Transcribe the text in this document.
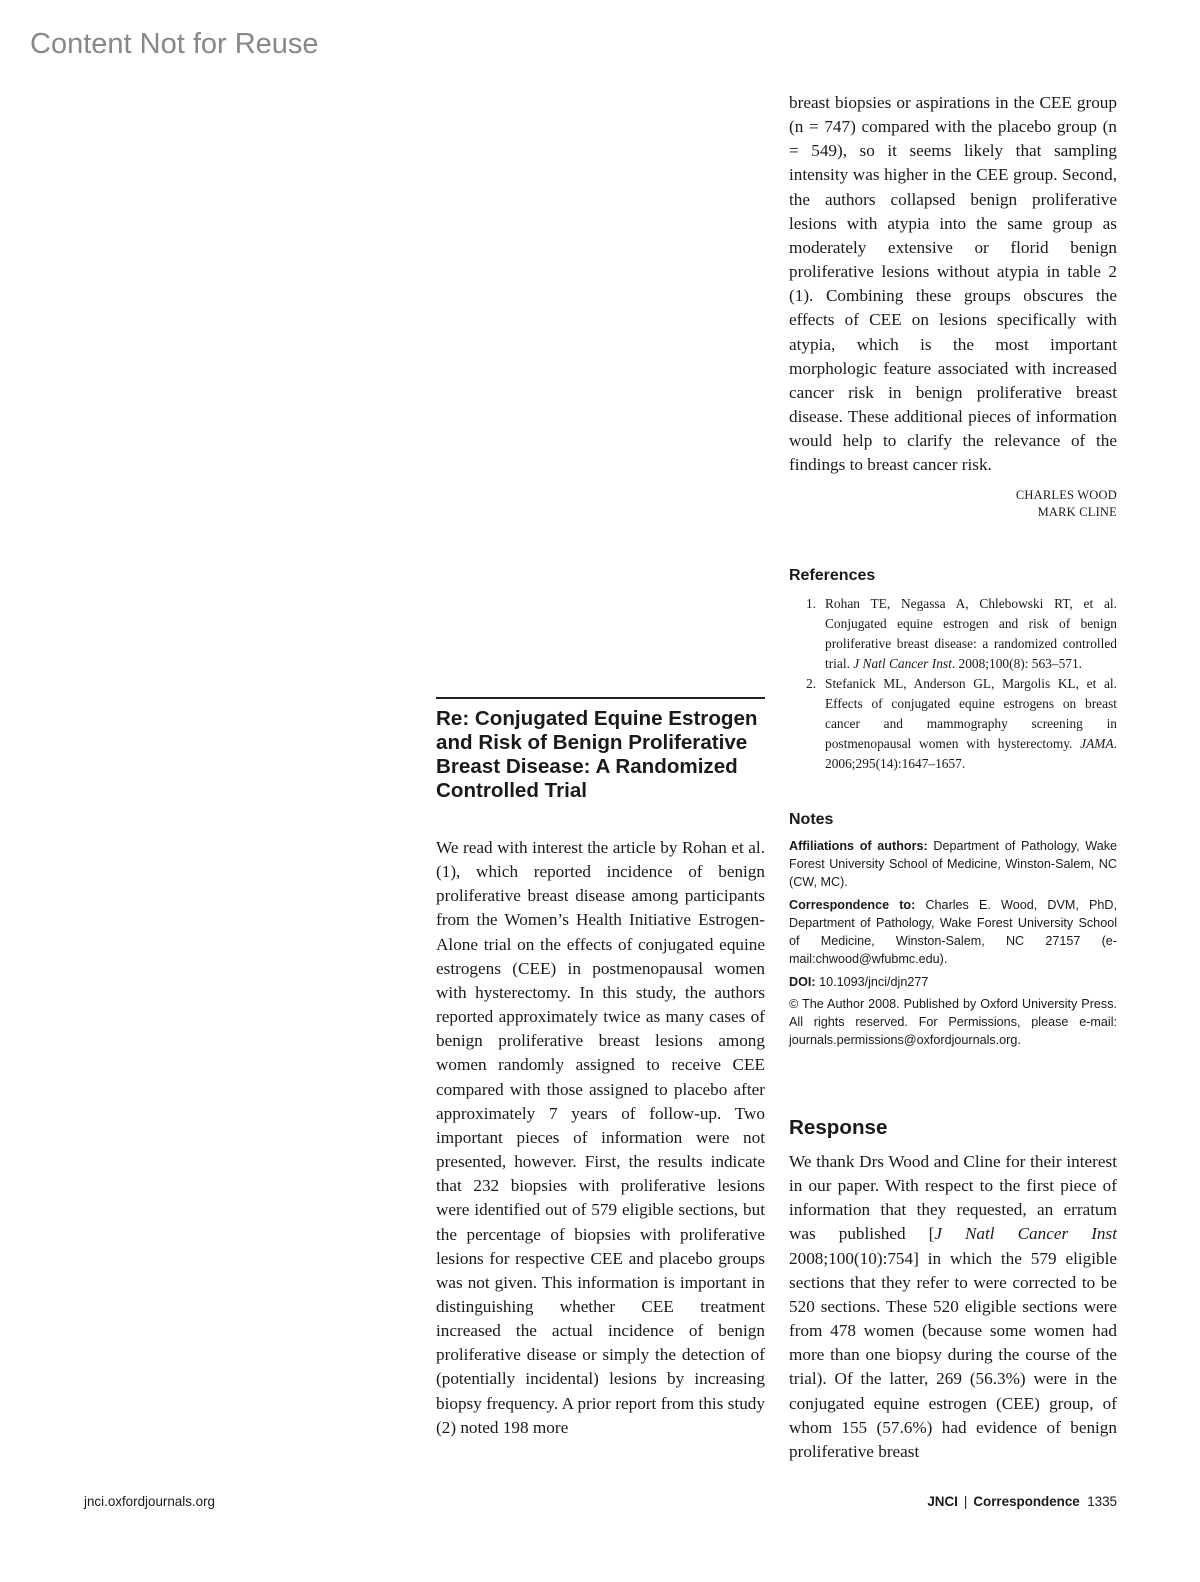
Content Not for Reuse

breast biopsies or aspirations in the CEE group (n = 747) compared with the placebo group (n = 549), so it seems likely that sampling intensity was higher in the CEE group. Second, the authors collapsed benign proliferative lesions with atypia into the same group as moderately extensive or florid benign proliferative lesions without atypia in table 2 (1). Combining these groups obscures the effects of CEE on lesions specifically with atypia, which is the most important morphologic feature associated with increased cancer risk in benign proliferative breast disease. These additional pieces of information would help to clarify the relevance of the findings to breast cancer risk.

CHARLES WOOD
MARK CLINE
References
1. Rohan TE, Negassa A, Chlebowski RT, et al. Conjugated equine estrogen and risk of benign proliferative breast disease: a randomized controlled trial. J Natl Cancer Inst. 2008;100(8): 563–571.
2. Stefanick ML, Anderson GL, Margolis KL, et al. Effects of conjugated equine estrogens on breast cancer and mammography screening in postmenopausal women with hysterectomy. JAMA. 2006;295(14):1647–1657.
Notes

Affiliations of authors: Department of Pathology, Wake Forest University School of Medicine, Winston-Salem, NC (CW, MC).

Correspondence to: Charles E. Wood, DVM, PhD, Department of Pathology, Wake Forest University School of Medicine, Winston-Salem, NC 27157 (e-mail:chwood@wfubmc.edu).

DOI: 10.1093/jnci/djn277

© The Author 2008. Published by Oxford University Press. All rights reserved. For Permissions, please e-mail: journals.permissions@oxfordjournals.org.

Re: Conjugated Equine Estrogen and Risk of Benign Proliferative Breast Disease: A Randomized Controlled Trial

We read with interest the article by Rohan et al. (1), which reported incidence of benign proliferative breast disease among participants from the Women’s Health Initiative Estrogen-Alone trial on the effects of conjugated equine estrogens (CEE) in postmenopausal women with hysterectomy. In this study, the authors reported approximately twice as many cases of benign proliferative breast lesions among women randomly assigned to receive CEE compared with those assigned to placebo after approximately 7 years of follow-up. Two important pieces of information were not presented, however. First, the results indicate that 232 biopsies with proliferative lesions were identified out of 579 eligible sections, but the percentage of biopsies with proliferative lesions for respective CEE and placebo groups was not given. This information is important in distinguishing whether CEE treatment increased the actual incidence of benign proliferative disease or simply the detection of (potentially incidental) lesions by increasing biopsy frequency. A prior report from this study (2) noted 198 more

Response

We thank Drs Wood and Cline for their interest in our paper. With respect to the first piece of information that they requested, an erratum was published [J Natl Cancer Inst 2008;100(10):754] in which the 579 eligible sections that they refer to were corrected to be 520 sections. These 520 eligible sections were from 478 women (because some women had more than one biopsy during the course of the trial). Of the latter, 269 (56.3%) were in the conjugated equine estrogen (CEE) group, of whom 155 (57.6%) had evidence of benign proliferative breast

jnci.oxfordjournals.org	JNCI | Correspondence 1335
